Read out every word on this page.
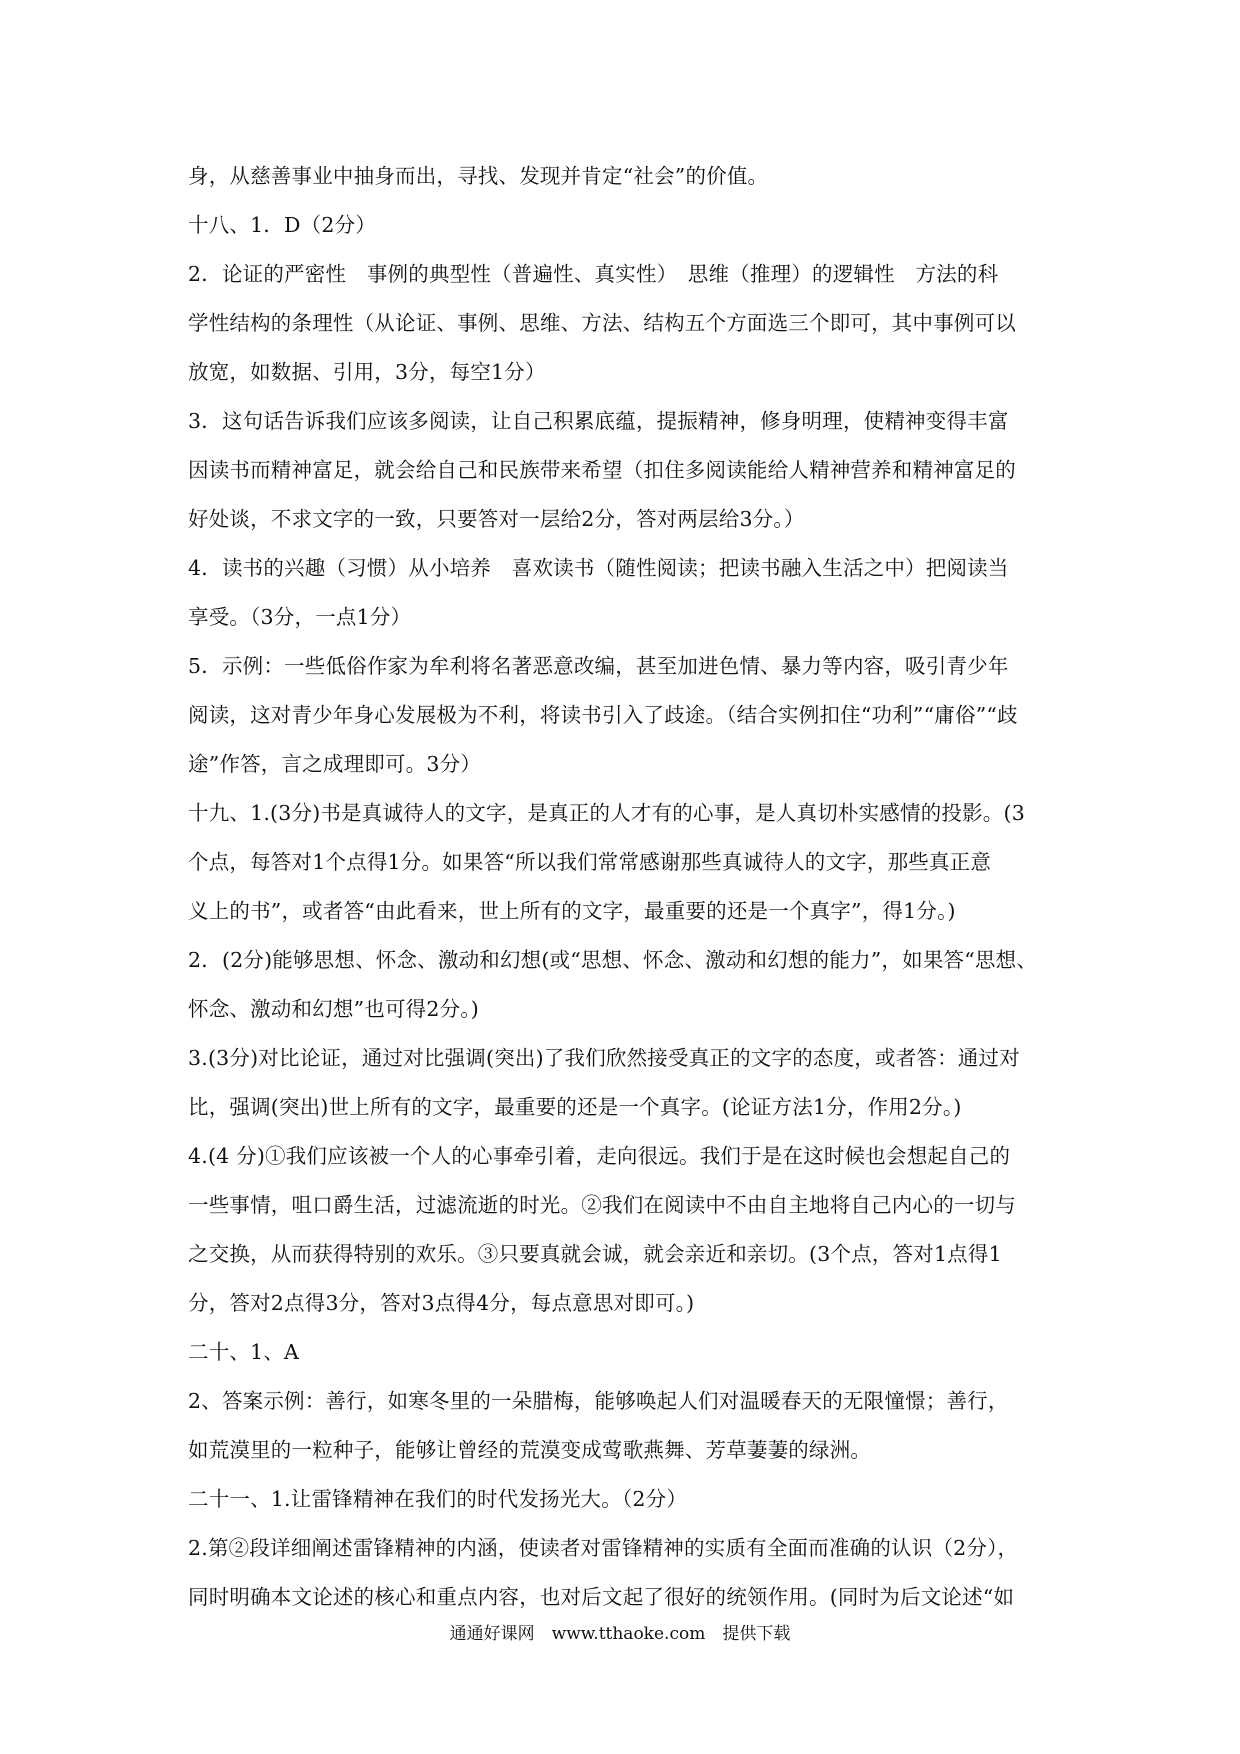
身，从慈善事业中抽身而出，寻找、发现并肯定“社会”的价值。
十八、1．D（2分）
2．论证的严密性　事例的典型性（普遍性、真实性）　思维（推理）的逻辑性　方法的科
学性结构的条理性（从论证、事例、思维、方法、结构五个方面选三个即可，其中事例可以
放宽，如数据、引用，3分，每空1分）
3．这句话告诉我们应该多阅读，让自己积累底蕴，提振精神，修身明理，使精神变得丰富
因读书而精神富足，就会给自己和民族带来希望（扣住多阅读能给人精神营养和精神富足的
好处谈，不求文字的一致，只要答对一层给2分，答对两层给3分。）
4．读书的兴趣（习惯）从小培养　喜欢读书（随性阅读；把读书融入生活之中）把阅读当
享受。（3分，一点1分）
5．示例：一些低俗作家为牟利将名著恶意改编，甚至加进色情、暴力等内容，吸引青少年
阅读，这对青少年身心发展极为不利，将读书引入了歧途。（结合实例扣住“功利”“庸俗”“歧
途”作答，言之成理即可。3分）
十九、1.(3分)书是真诚待人的文字，是真正的人才有的心事，是人真切朴实感情的投影。(3
个点，每答对1个点得1分。如果答“所以我们常常感谢那些真诚待人的文字，那些真正意
义上的书”，或者答“由此看来，世上所有的文字，最重要的还是一个真字”，得1分。)
2．(2分)能够思想、怀念、激动和幻想(或“思想、怀念、激动和幻想的能力”，如果答“思想、
怀念、激动和幻想”也可得2分。)
3.(3分)对比论证，通过对比强调(突出)了我们欣然接受真正的文字的态度，或者答：通过对
比，强调(突出)世上所有的文字，最重要的还是一个真字。(论证方法1分，作用2分。)
4.(4 分)①我们应该被一个人的心事牵引着，走向很远。我们于是在这时候也会想起自己的
一些事情，咀口爵生活，过滤流逝的时光。②我们在阅读中不由自主地将自己内心的一切与
之交换，从而获得特别的欢乐。③只要真就会诚，就会亲近和亲切。(3个点，答对1点得1
分，答对2点得3分，答对3点得4分，每点意思对即可。)
二十、1、A
2、答案示例：善行，如寒冬里的一朵腊梅，能够唤起人们对温暖春天的无限憧憬；善行，
如荒漠里的一粒种子，能够让曾经的荒漠变成莺歌燕舞、芳草萋萋的绿洲。
二十一、1.让雷锋精神在我们的时代发扬光大。（2分）
2.第②段详细阐述雷锋精神的内涵，使读者对雷锋精神的实质有全面而准确的认识（2分），
同时明确本文论述的核心和重点内容，也对后文起了很好的统领作用。(同时为后文论述“如
通通好课网　www.tthaoke.com　提供下载
